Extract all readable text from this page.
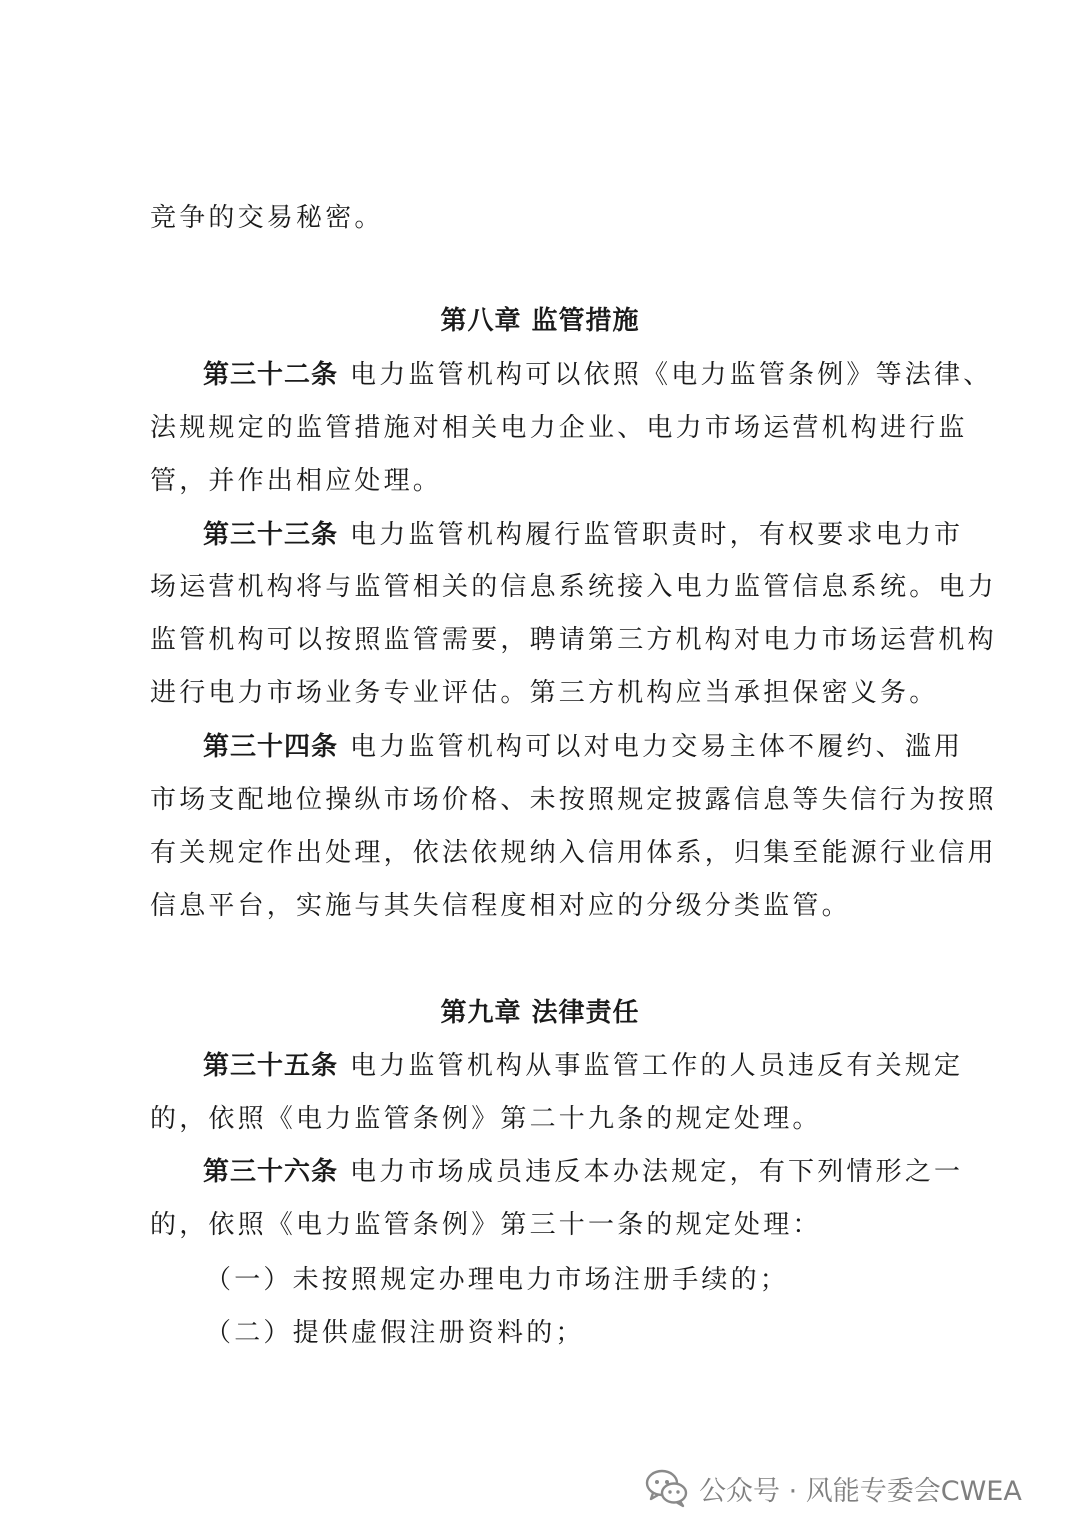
竞争的交易秘密。
第八章 监管措施
第三十二条 电力监管机构可以依照《电力监管条例》等法律、
法规规定的监管措施对相关电力企业、电力市场运营机构进行监
管，并作出相应处理。
第三十三条 电力监管机构履行监管职责时，有权要求电力市
场运营机构将与监管相关的信息系统接入电力监管信息系统。电力
监管机构可以按照监管需要，聘请第三方机构对电力市场运营机构
进行电力市场业务专业评估。第三方机构应当承担保密义务。
第三十四条 电力监管机构可以对电力交易主体不履约、滥用
市场支配地位操纵市场价格、未按照规定披露信息等失信行为按照
有关规定作出处理，依法依规纳入信用体系，归集至能源行业信用
信息平台，实施与其失信程度相对应的分级分类监管。
第九章 法律责任
第三十五条 电力监管机构从事监管工作的人员违反有关规定
的，依照《电力监管条例》第二十九条的规定处理。
第三十六条 电力市场成员违反本办法规定，有下列情形之一
的，依照《电力监管条例》第三十一条的规定处理：
（一）未按照规定办理电力市场注册手续的；
（二）提供虚假注册资料的；
公众号 · 风能专委会CWEA
